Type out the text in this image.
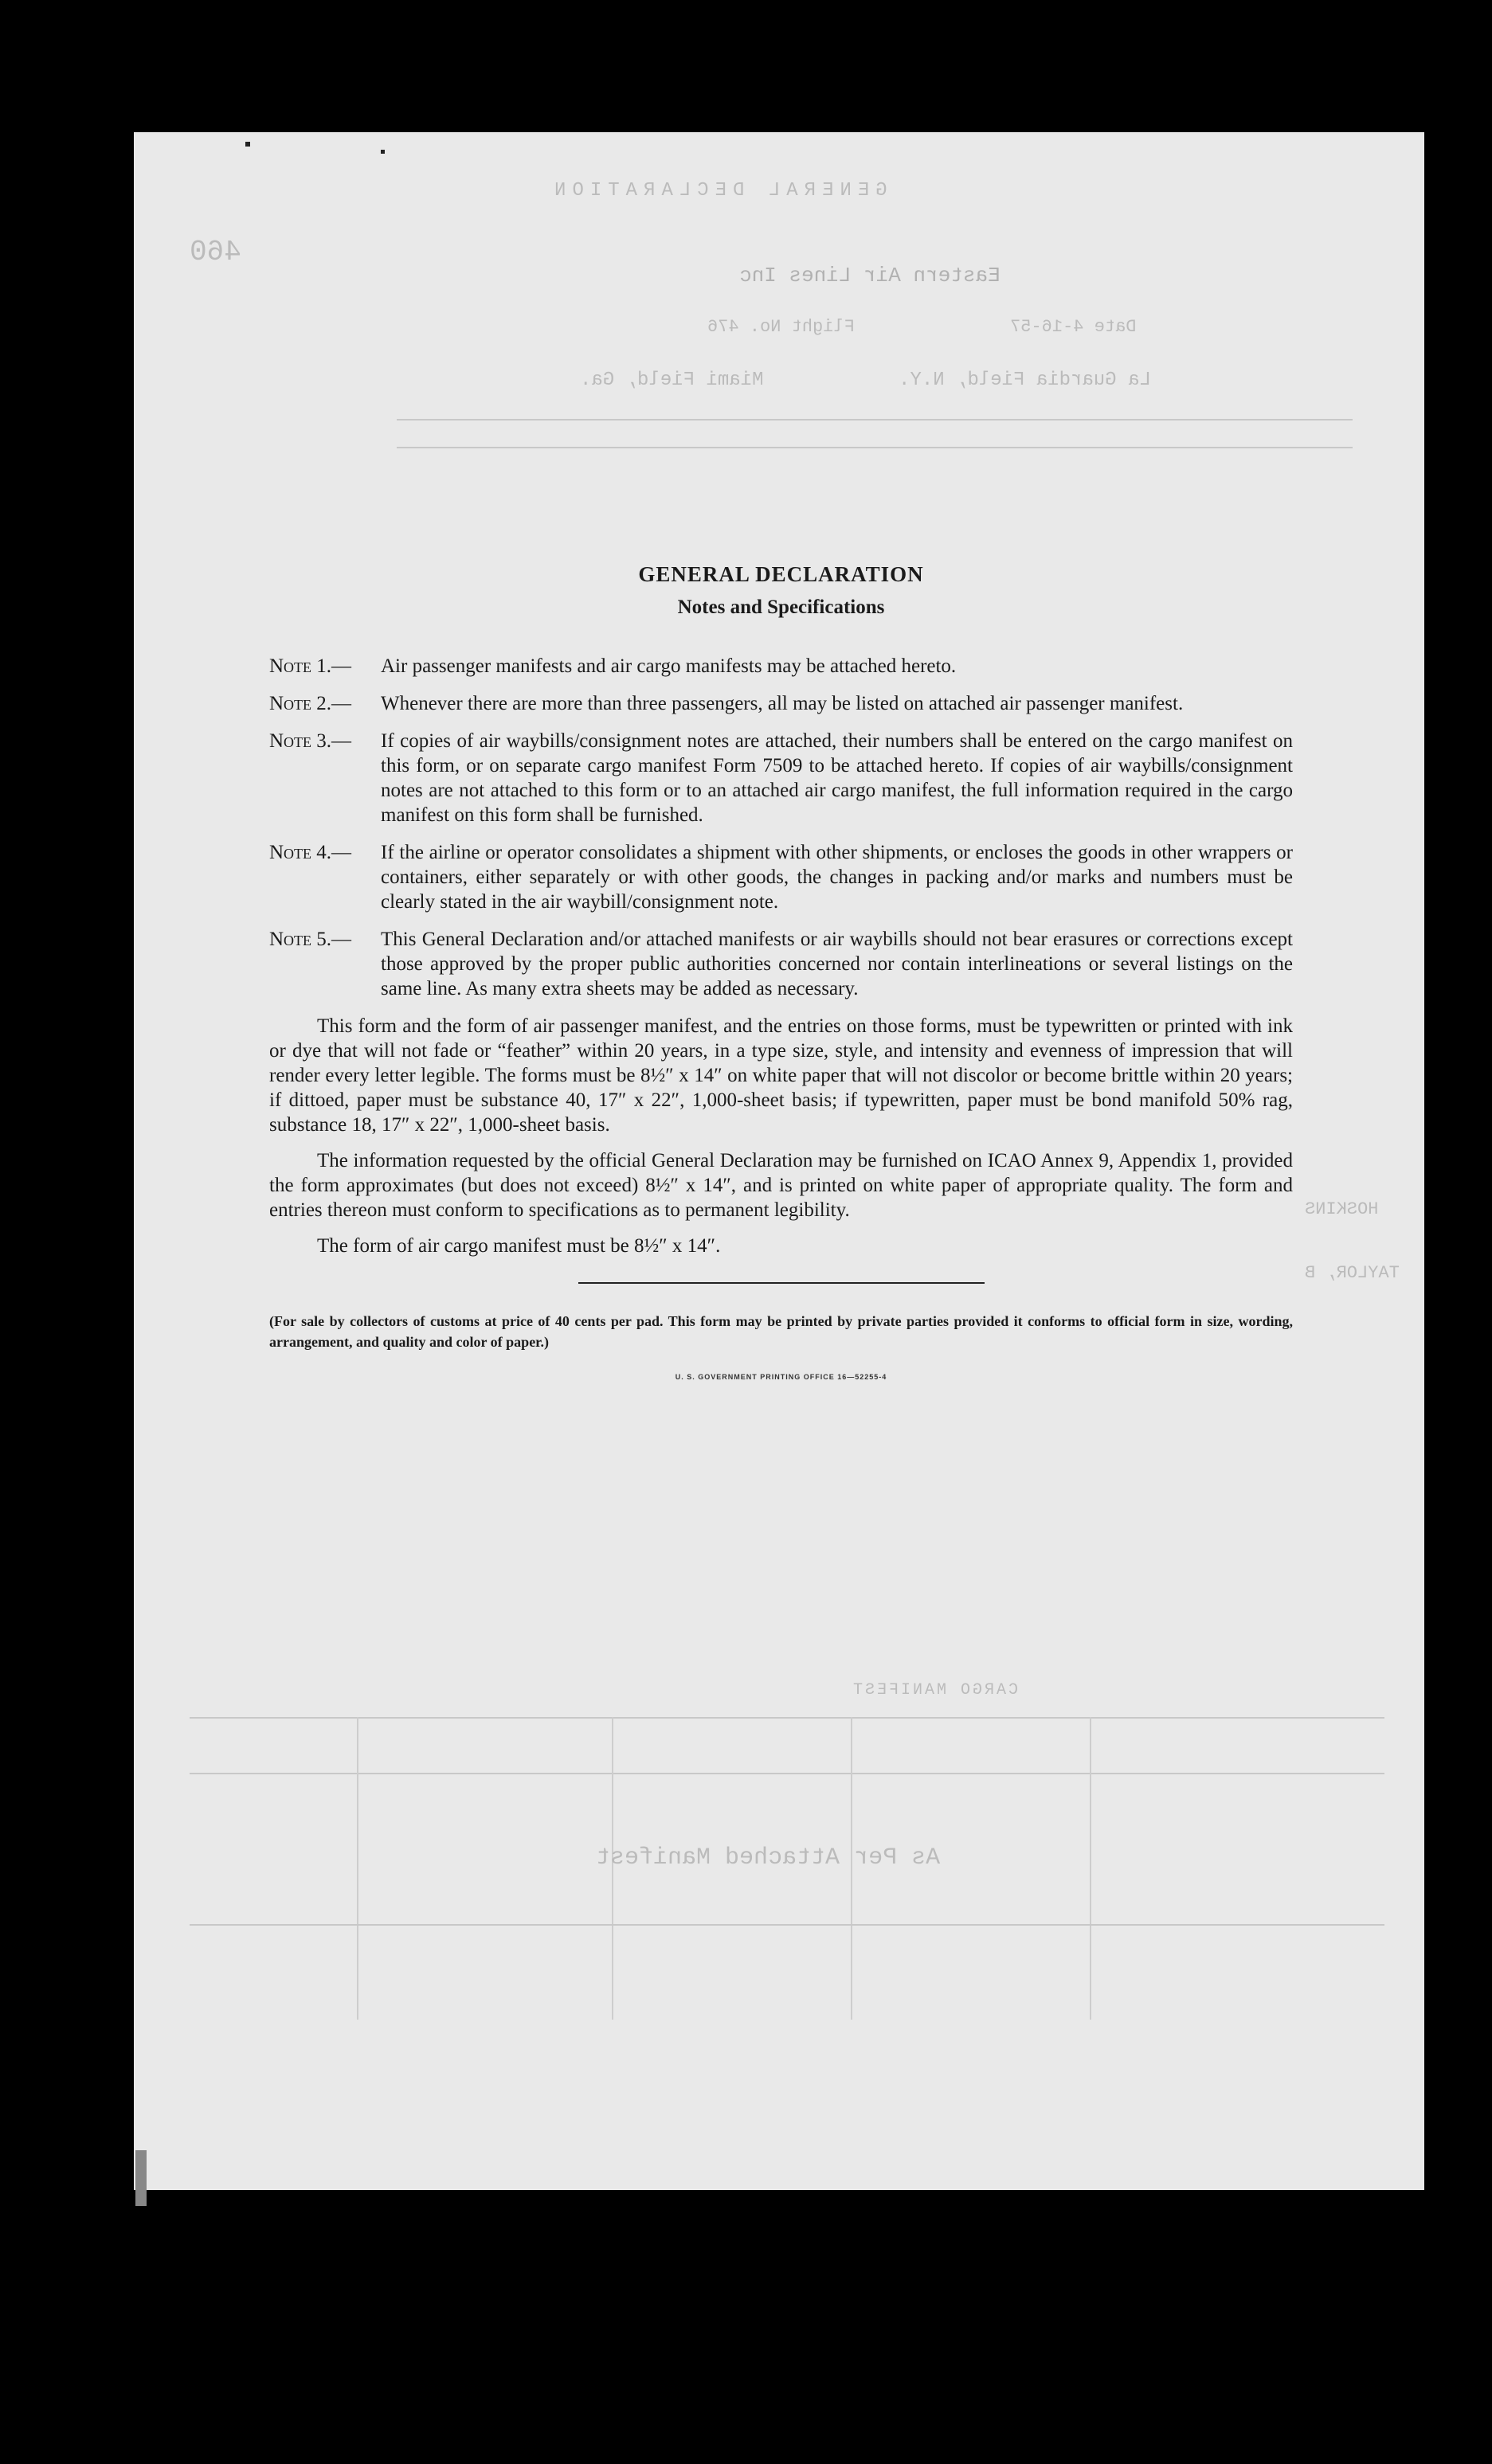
GENERAL DECLARATION
460
Eastern Air Lines Inc
Flight No. 476	Date 4-16-57
Miami Field, Ga.	La Guardia Field, N.Y.
HOSKINS
TAYLOR, B
CARGO MANIFEST
As Per Attached Manifest
GENERAL DECLARATION
Notes and Specifications
Note 1.— Air passenger manifests and air cargo manifests may be attached hereto.
Note 2.— Whenever there are more than three passengers, all may be listed on attached air passenger manifest.
Note 3.— If copies of air waybills/consignment notes are attached, their numbers shall be entered on the cargo manifest on this form, or on separate cargo manifest Form 7509 to be attached hereto. If copies of air waybills/consignment notes are not attached to this form or to an attached air cargo manifest, the full information required in the cargo manifest on this form shall be furnished.
Note 4.— If the airline or operator consolidates a shipment with other shipments, or encloses the goods in other wrappers or containers, either separately or with other goods, the changes in packing and/or marks and numbers must be clearly stated in the air waybill/consignment note.
Note 5.— This General Declaration and/or attached manifests or air waybills should not bear erasures or corrections except those approved by the proper public authorities concerned nor contain interlineations or several listings on the same line. As many extra sheets may be added as necessary.

This form and the form of air passenger manifest, and the entries on those forms, must be typewritten or printed with ink or dye that will not fade or “feather” within 20 years, in a type size, style, and intensity and evenness of impression that will render every letter legible. The forms must be 8½″ x 14″ on white paper that will not discolor or become brittle within 20 years; if dittoed, paper must be substance 40, 17″ x 22″, 1,000-sheet basis; if typewritten, paper must be bond manifold 50% rag, substance 18, 17″ x 22″, 1,000-sheet basis.

The information requested by the official General Declaration may be furnished on ICAO Annex 9, Appendix 1, provided the form approximates (but does not exceed) 8½″ x 14″, and is printed on white paper of appropriate quality. The form and entries thereon must conform to specifications as to permanent legibility.

The form of air cargo manifest must be 8½″ x 14″.

(For sale by collectors of customs at price of 40 cents per pad. This form may be printed by private parties provided it conforms to official form in size, wording, arrangement, and quality and color of paper.)
U. S. GOVERNMENT PRINTING OFFICE 16—52255-4
